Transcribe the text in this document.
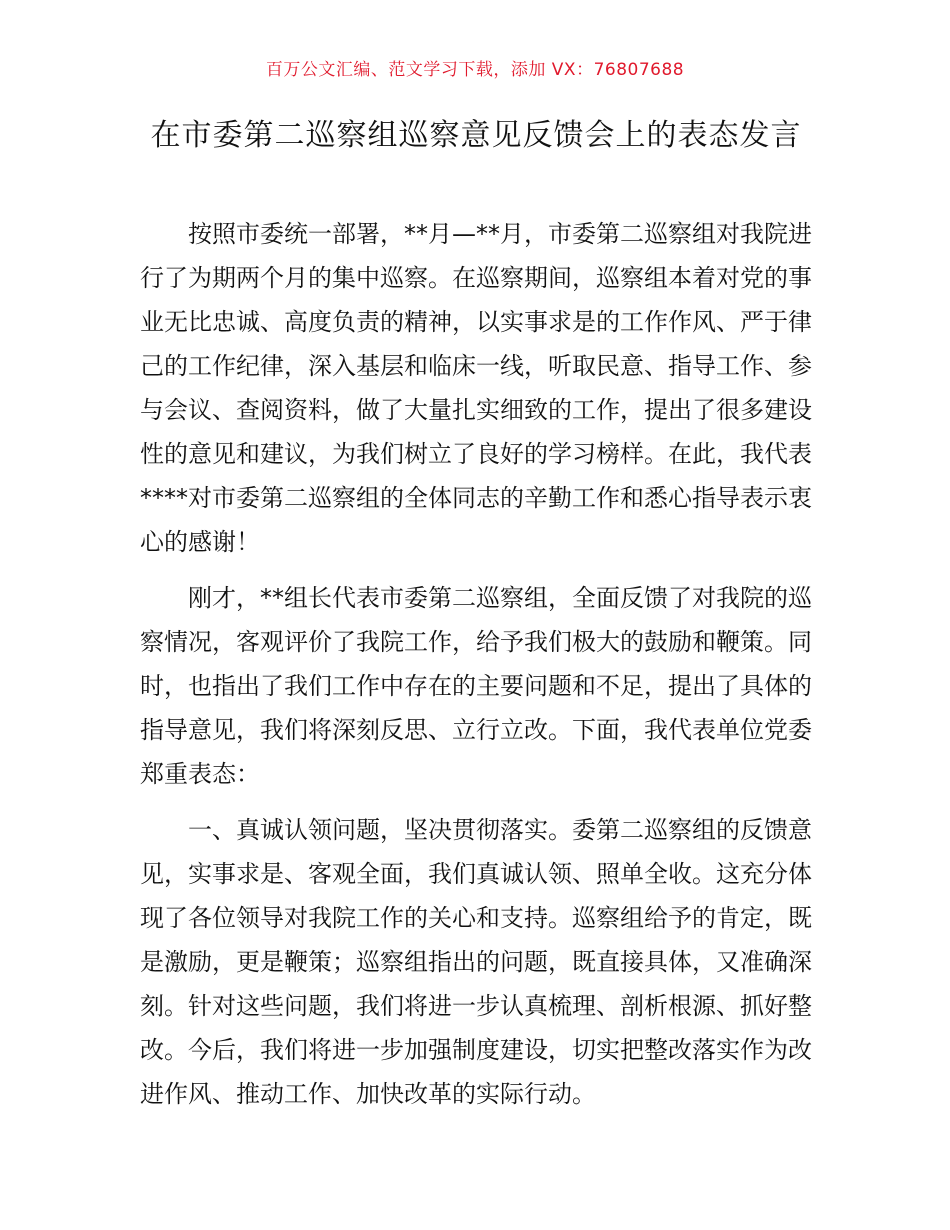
百万公文汇编、范文学习下载，添加 VX：76807688
在市委第二巡察组巡察意见反馈会上的表态发言

按照市委统一部署，**月—**月，市委第二巡察组对我院进行了为期两个月的集中巡察。在巡察期间，巡察组本着对党的事业无比忠诚、高度负责的精神，以实事求是的工作作风、严于律己的工作纪律，深入基层和临床一线，听取民意、指导工作、参与会议、查阅资料，做了大量扎实细致的工作，提出了很多建设性的意见和建议，为我们树立了良好的学习榜样。在此，我代表****对市委第二巡察组的全体同志的辛勤工作和悉心指导表示衷心的感谢！

刚才，**组长代表市委第二巡察组，全面反馈了对我院的巡察情况，客观评价了我院工作，给予我们极大的鼓励和鞭策。同时，也指出了我们工作中存在的主要问题和不足，提出了具体的指导意见，我们将深刻反思、立行立改。下面，我代表单位党委郑重表态：

一、真诚认领问题，坚决贯彻落实。委第二巡察组的反馈意见，实事求是、客观全面，我们真诚认领、照单全收。这充分体现了各位领导对我院工作的关心和支持。巡察组给予的肯定，既是激励，更是鞭策；巡察组指出的问题，既直接具体，又准确深刻。针对这些问题，我们将进一步认真梳理、剖析根源、抓好整改。今后，我们将进一步加强制度建设，切实把整改落实作为改进作风、推动工作、加快改革的实际行动。
